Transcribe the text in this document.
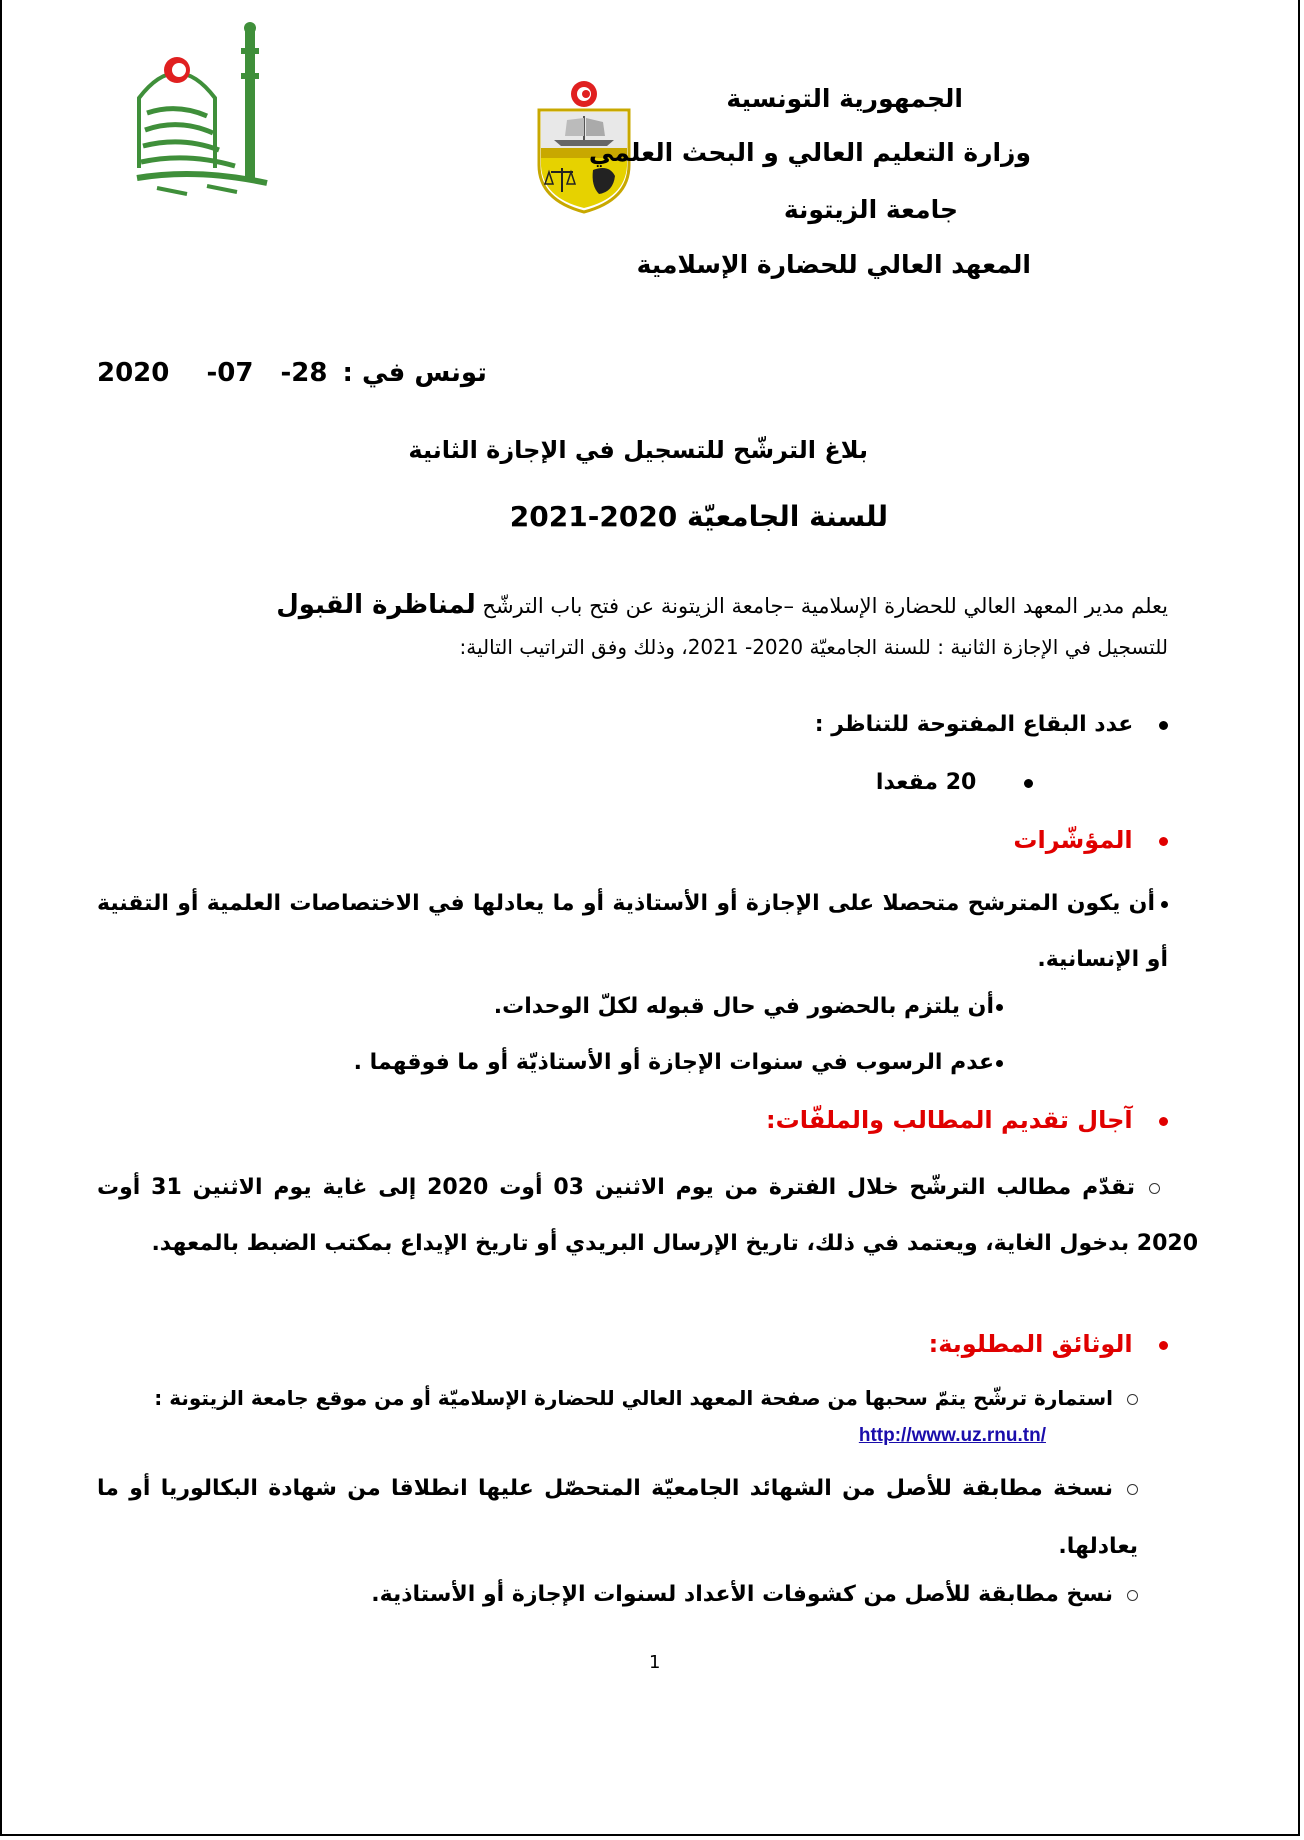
الجمهورية التونسية
وزارة التعليم العالي و البحث العلمي
جامعة الزيتونة
المعهد العالي للحضارة الإسلامية
2020 -07 -28 تونس في :
بلاغ الترشّح للتسجيل في الإجازة الثانية
للسنة الجامعيّة 2020-2021
يعلم مدير المعهد العالي للحضارة الإسلامية –جامعة الزيتونة عن فتح باب الترشّح لمناظرة القبول
للتسجيل في الإجازة الثانية : للسنة الجامعيّة 2020- 2021، وذلك وفق التراتيب التالية:
عدد البقاع المفتوحة للتناظر :
20 مقعدا
المؤشّرات
أن يكون المترشح متحصلا على الإجازة أو الأستاذية أو ما يعادلها في الاختصاصات العلمية أو التقنية أو الإنسانية.
أن يلتزم بالحضور في حال قبوله لكلّ الوحدات.
عدم الرسوب في سنوات الإجازة أو الأستاذيّة أو ما فوقهما .
آجال تقديم المطالب والملفّات:
تقدّم مطالب الترشّح خلال الفترة من يوم الاثنين 03 أوت 2020 إلى غاية يوم الاثنين 31 أوت 2020 بدخول الغاية، ويعتمد في ذلك، تاريخ الإرسال البريدي أو تاريخ الإيداع بمكتب الضبط بالمعهد.
الوثائق المطلوبة:
استمارة ترشّح يتمّ سحبها من صفحة المعهد العالي للحضارة الإسلاميّة أو من موقع جامعة الزيتونة :
http://www.uz.rnu.tn/
نسخة مطابقة للأصل من الشهائد الجامعيّة المتحصّل عليها انطلاقا من شهادة البكالوريا أو ما يعادلها.
نسخ مطابقة للأصل من كشوفات الأعداد لسنوات الإجازة أو الأستاذية.
1
